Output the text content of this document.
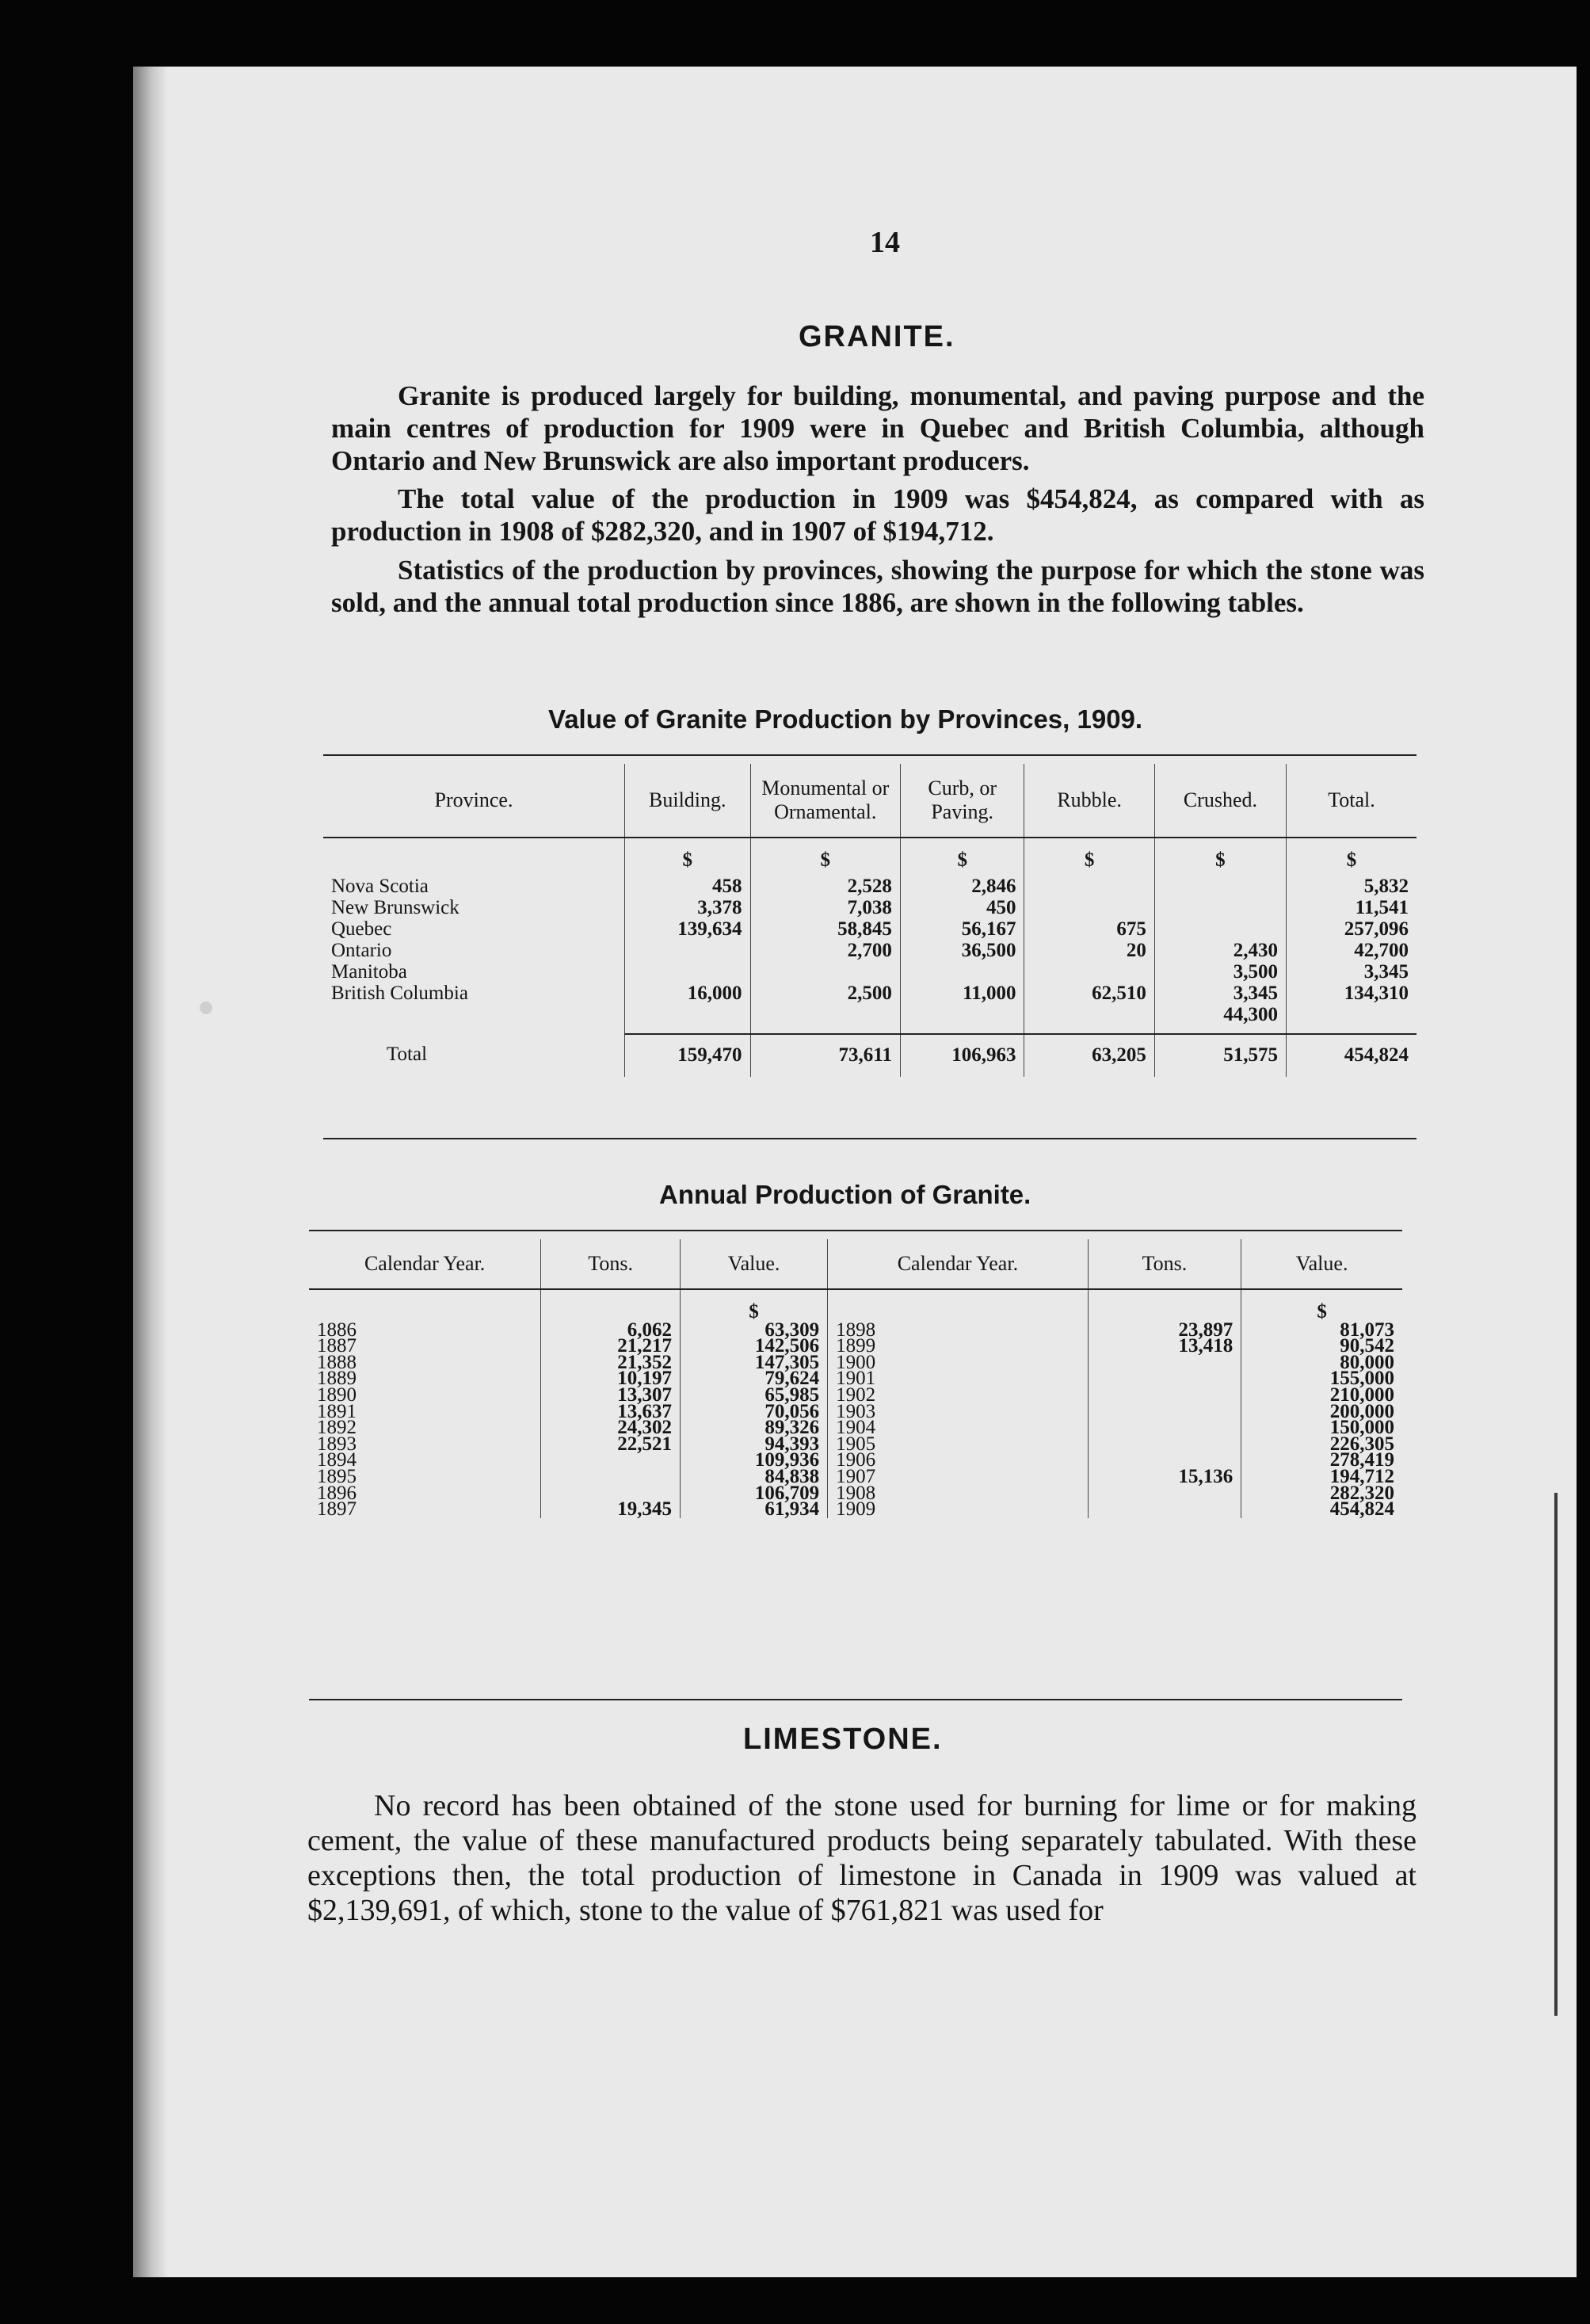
14
GRANITE.

Granite is produced largely for building, monumental, and paving purpose and the main centres of production for 1909 were in Quebec and British Columbia, although Ontario and New Brunswick are also important producers.

The total value of the production in 1909 was $454,824, as compared with as production in 1908 of $282,320, and in 1907 of $194,712.

Statistics of the production by provinces, showing the purpose for which the stone was sold, and the annual total production since 1886, are shown in the following tables.

Value of Granite Production by Provinces, 1909.
Province.	Building.	Monumental or Ornamental.	Curb, or Paving.	Rubble.	Crushed.	Total.
	$	$	$	$	$	$
Nova Scotia	458	2,528	2,846			5,832
New Brunswick	3,378	7,038	450			11,541
Quebec	139,634	58,845	56,167	675		257,096
Ontario		2,700	36,500	20	2,430	42,700
Manitoba					3,500	3,345
British Columbia	16,000	2,500	11,000	62,510	3,345	134,310
					44,300	
Total	159,470	73,611	106,963	63,205	51,575	454,824
Annual Production of Granite.
Calendar Year.	Tons.	Value.	Calendar Year.	Tons.	Value.
		$			$
1886	6,062	63,309	1898	23,897	81,073
1887	21,217	142,506	1899	13,418	90,542
1888	21,352	147,305	1900		80,000
1889	10,197	79,624	1901		155,000
1890	13,307	65,985	1902		210,000
1891	13,637	70,056	1903		200,000
1892	24,302	89,326	1904		150,000
1893	22,521	94,393	1905		226,305
1894		109,936	1906		278,419
1895		84,838	1907	15,136	194,712
1896		106,709	1908		282,320
1897	19,345	61,934	1909		454,824
LIMESTONE.

No record has been obtained of the stone used for burning for lime or for making cement, the value of these manufactured products being separately tabulated. With these exceptions then, the total production of limestone in Canada in 1909 was valued at $2,139,691, of which, stone to the value of $761,821 was used for
